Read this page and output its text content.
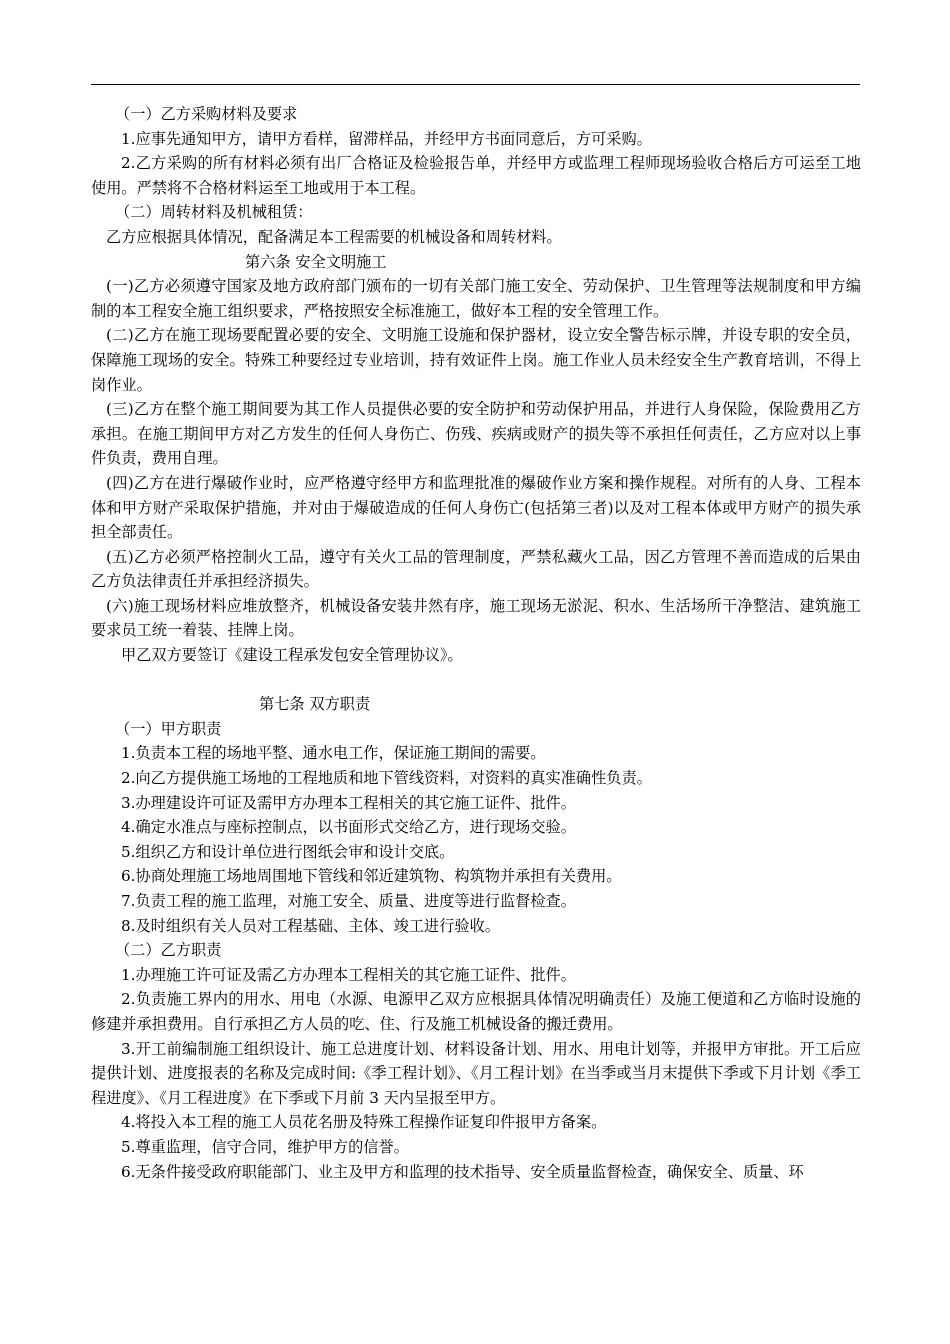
（一）乙方采购材料及要求

1.应事先通知甲方，请甲方看样，留滞样品，并经甲方书面同意后，方可采购。

2.乙方采购的所有材料必须有出厂合格证及检验报告单，并经甲方或监理工程师现场验收合格后方可运至工地使用。严禁将不合格材料运至工地或用于本工程。

（二）周转材料及机械租赁：

乙方应根据具体情况，配备满足本工程需要的机械设备和周转材料。

第六条 安全文明施工

(一)乙方必须遵守国家及地方政府部门颁布的一切有关部门施工安全、劳动保护、卫生管理等法规制度和甲方编制的本工程安全施工组织要求，严格按照安全标准施工，做好本工程的安全管理工作。

(二)乙方在施工现场要配置必要的安全、文明施工设施和保护器材，设立安全警告标示牌，并设专职的安全员，保障施工现场的安全。特殊工种要经过专业培训，持有效证件上岗。施工作业人员未经安全生产教育培训，不得上岗作业。

(三)乙方在整个施工期间要为其工作人员提供必要的安全防护和劳动保护用品，并进行人身保险，保险费用乙方承担。在施工期间甲方对乙方发生的任何人身伤亡、伤残、疾病或财产的损失等不承担任何责任，乙方应对以上事件负责，费用自理。

(四)乙方在进行爆破作业时，应严格遵守经甲方和监理批准的爆破作业方案和操作规程。对所有的人身、工程本体和甲方财产采取保护措施，并对由于爆破造成的任何人身伤亡(包括第三者)以及对工程本体或甲方财产的损失承担全部责任。

(五)乙方必须严格控制火工品，遵守有关火工品的管理制度，严禁私藏火工品，因乙方管理不善而造成的后果由乙方负法律责任并承担经济损失。

(六)施工现场材料应堆放整齐，机械设备安装井然有序，施工现场无淤泥、积水、生活场所干净整洁、建筑施工要求员工统一着装、挂牌上岗。

甲乙双方要签订《建设工程承发包安全管理协议》。

第七条 双方职责

（一）甲方职责

1.负责本工程的场地平整、通水电工作，保证施工期间的需要。

2.向乙方提供施工场地的工程地质和地下管线资料，对资料的真实准确性负责。

3.办理建设许可证及需甲方办理本工程相关的其它施工证件、批件。

4.确定水准点与座标控制点，以书面形式交给乙方，进行现场交验。

5.组织乙方和设计单位进行图纸会审和设计交底。

6.协商处理施工场地周围地下管线和邻近建筑物、构筑物并承担有关费用。

7.负责工程的施工监理，对施工安全、质量、进度等进行监督检查。

8.及时组织有关人员对工程基础、主体、竣工进行验收。

（二）乙方职责

1.办理施工许可证及需乙方办理本工程相关的其它施工证件、批件。

2.负责施工界内的用水、用电（水源、电源甲乙双方应根据具体情况明确责任）及施工便道和乙方临时设施的修建并承担费用。自行承担乙方人员的吃、住、行及施工机械设备的搬迁费用。

3.开工前编制施工组织设计、施工总进度计划、材料设备计划、用水、用电计划等，并报甲方审批。开工后应提供计划、进度报表的名称及完成时间:《季工程计划》、《月工程计划》在当季或当月末提供下季或下月计划《季工程进度》、《月工程进度》在下季或下月前 3 天内呈报至甲方。

4.将投入本工程的施工人员花名册及特殊工程操作证复印件报甲方备案。

5.尊重监理，信守合同，维护甲方的信誉。

6.无条件接受政府职能部门、业主及甲方和监理的技术指导、安全质量监督检查，确保安全、质量、环
